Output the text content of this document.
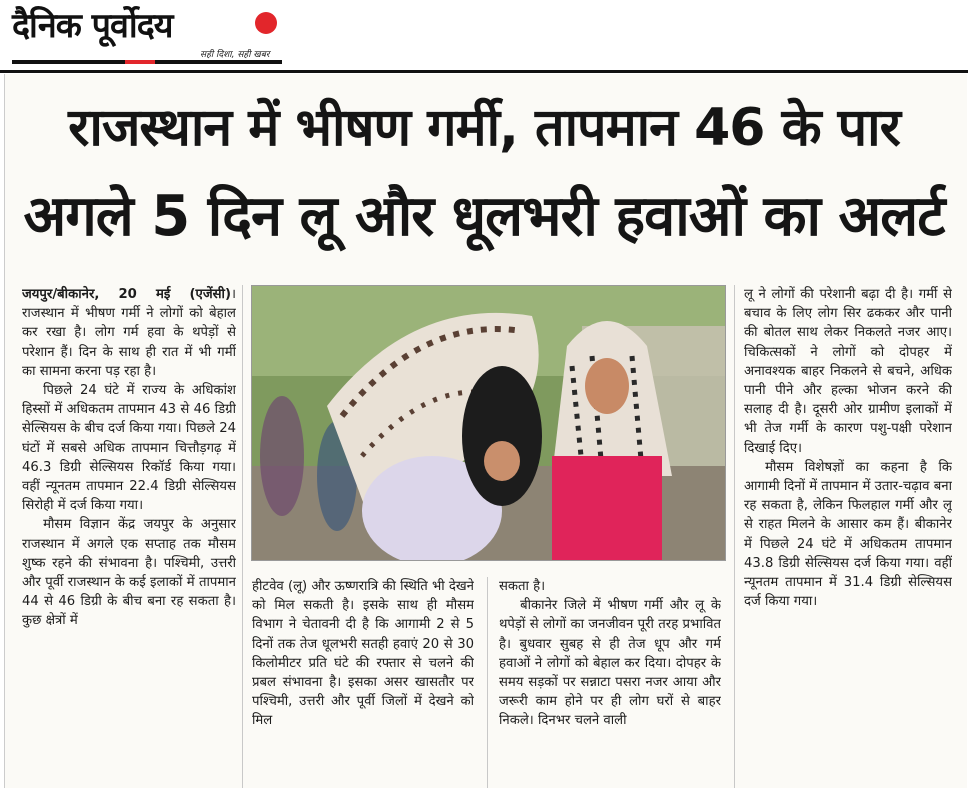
दैनिक पूर्वोदय
सही दिशा, सही खबर
राजस्थान में भीषण गर्मी, तापमान 46 के पार
अगले 5 दिन लू और धूलभरी हवाओं का अलर्ट

जयपुर/बीकानेर, 20 मई (एजेंसी)। राजस्थान में भीषण गर्मी ने लोगों को बेहाल कर रखा है। लोग गर्म हवा के थपेड़ों से परेशान हैं। दिन के साथ ही रात में भी गर्मी का सामना करना पड़ रहा है।

पिछले 24 घंटे में राज्य के अधिकांश हिस्सों में अधिकतम तापमान 43 से 46 डिग्री सेल्सियस के बीच दर्ज किया गया। पिछले 24 घंटों में सबसे अधिक तापमान चित्तौड़गढ़ में 46.3 डिग्री सेल्सियस रिकॉर्ड किया गया। वहीं न्यूनतम तापमान 22.4 डिग्री सेल्सियस सिरोही में दर्ज किया गया।

मौसम विज्ञान केंद्र जयपुर के अनुसार राजस्थान में अगले एक सप्ताह तक मौसम शुष्क रहने की संभावना है। पश्चिमी, उत्तरी और पूर्वी राजस्थान के कई इलाकों में तापमान 44 से 46 डिग्री के बीच बना रह सकता है। कुछ क्षेत्रों में

हीटवेव (लू) और ऊष्णरात्रि की स्थिति भी देखने को मिल सकती है। इसके साथ ही मौसम विभाग ने चेतावनी दी है कि आगामी 2 से 5 दिनों तक तेज धूलभरी सतही हवाएं 20 से 30 किलोमीटर प्रति घंटे की रफ्तार से चलने की प्रबल संभावना है। इसका असर खासतौर पर पश्चिमी, उत्तरी और पूर्वी जिलों में देखने को मिल

सकता है।

बीकानेर जिले में भीषण गर्मी और लू के थपेड़ों से लोगों का जनजीवन पूरी तरह प्रभावित है। बुधवार सुबह से ही तेज धूप और गर्म हवाओं ने लोगों को बेहाल कर दिया। दोपहर के समय सड़कों पर सन्नाटा पसरा नजर आया और जरूरी काम होने पर ही लोग घरों से बाहर निकले। दिनभर चलने वाली

लू ने लोगों की परेशानी बढ़ा दी है। गर्मी से बचाव के लिए लोग सिर ढककर और पानी की बोतल साथ लेकर निकलते नजर आए। चिकित्सकों ने लोगों को दोपहर में अनावश्यक बाहर निकलने से बचने, अधिक पानी पीने और हल्का भोजन करने की सलाह दी है। दूसरी ओर ग्रामीण इलाकों में भी तेज गर्मी के कारण पशु-पक्षी परेशान दिखाई दिए।

मौसम विशेषज्ञों का कहना है कि आगामी दिनों में तापमान में उतार-चढ़ाव बना रह सकता है, लेकिन फिलहाल गर्मी और लू से राहत मिलने के आसार कम हैं। बीकानेर में पिछले 24 घंटे में अधिकतम तापमान 43.8 डिग्री सेल्सियस दर्ज किया गया। वहीं न्यूनतम तापमान में 31.4 डिग्री सेल्सियस दर्ज किया गया।
